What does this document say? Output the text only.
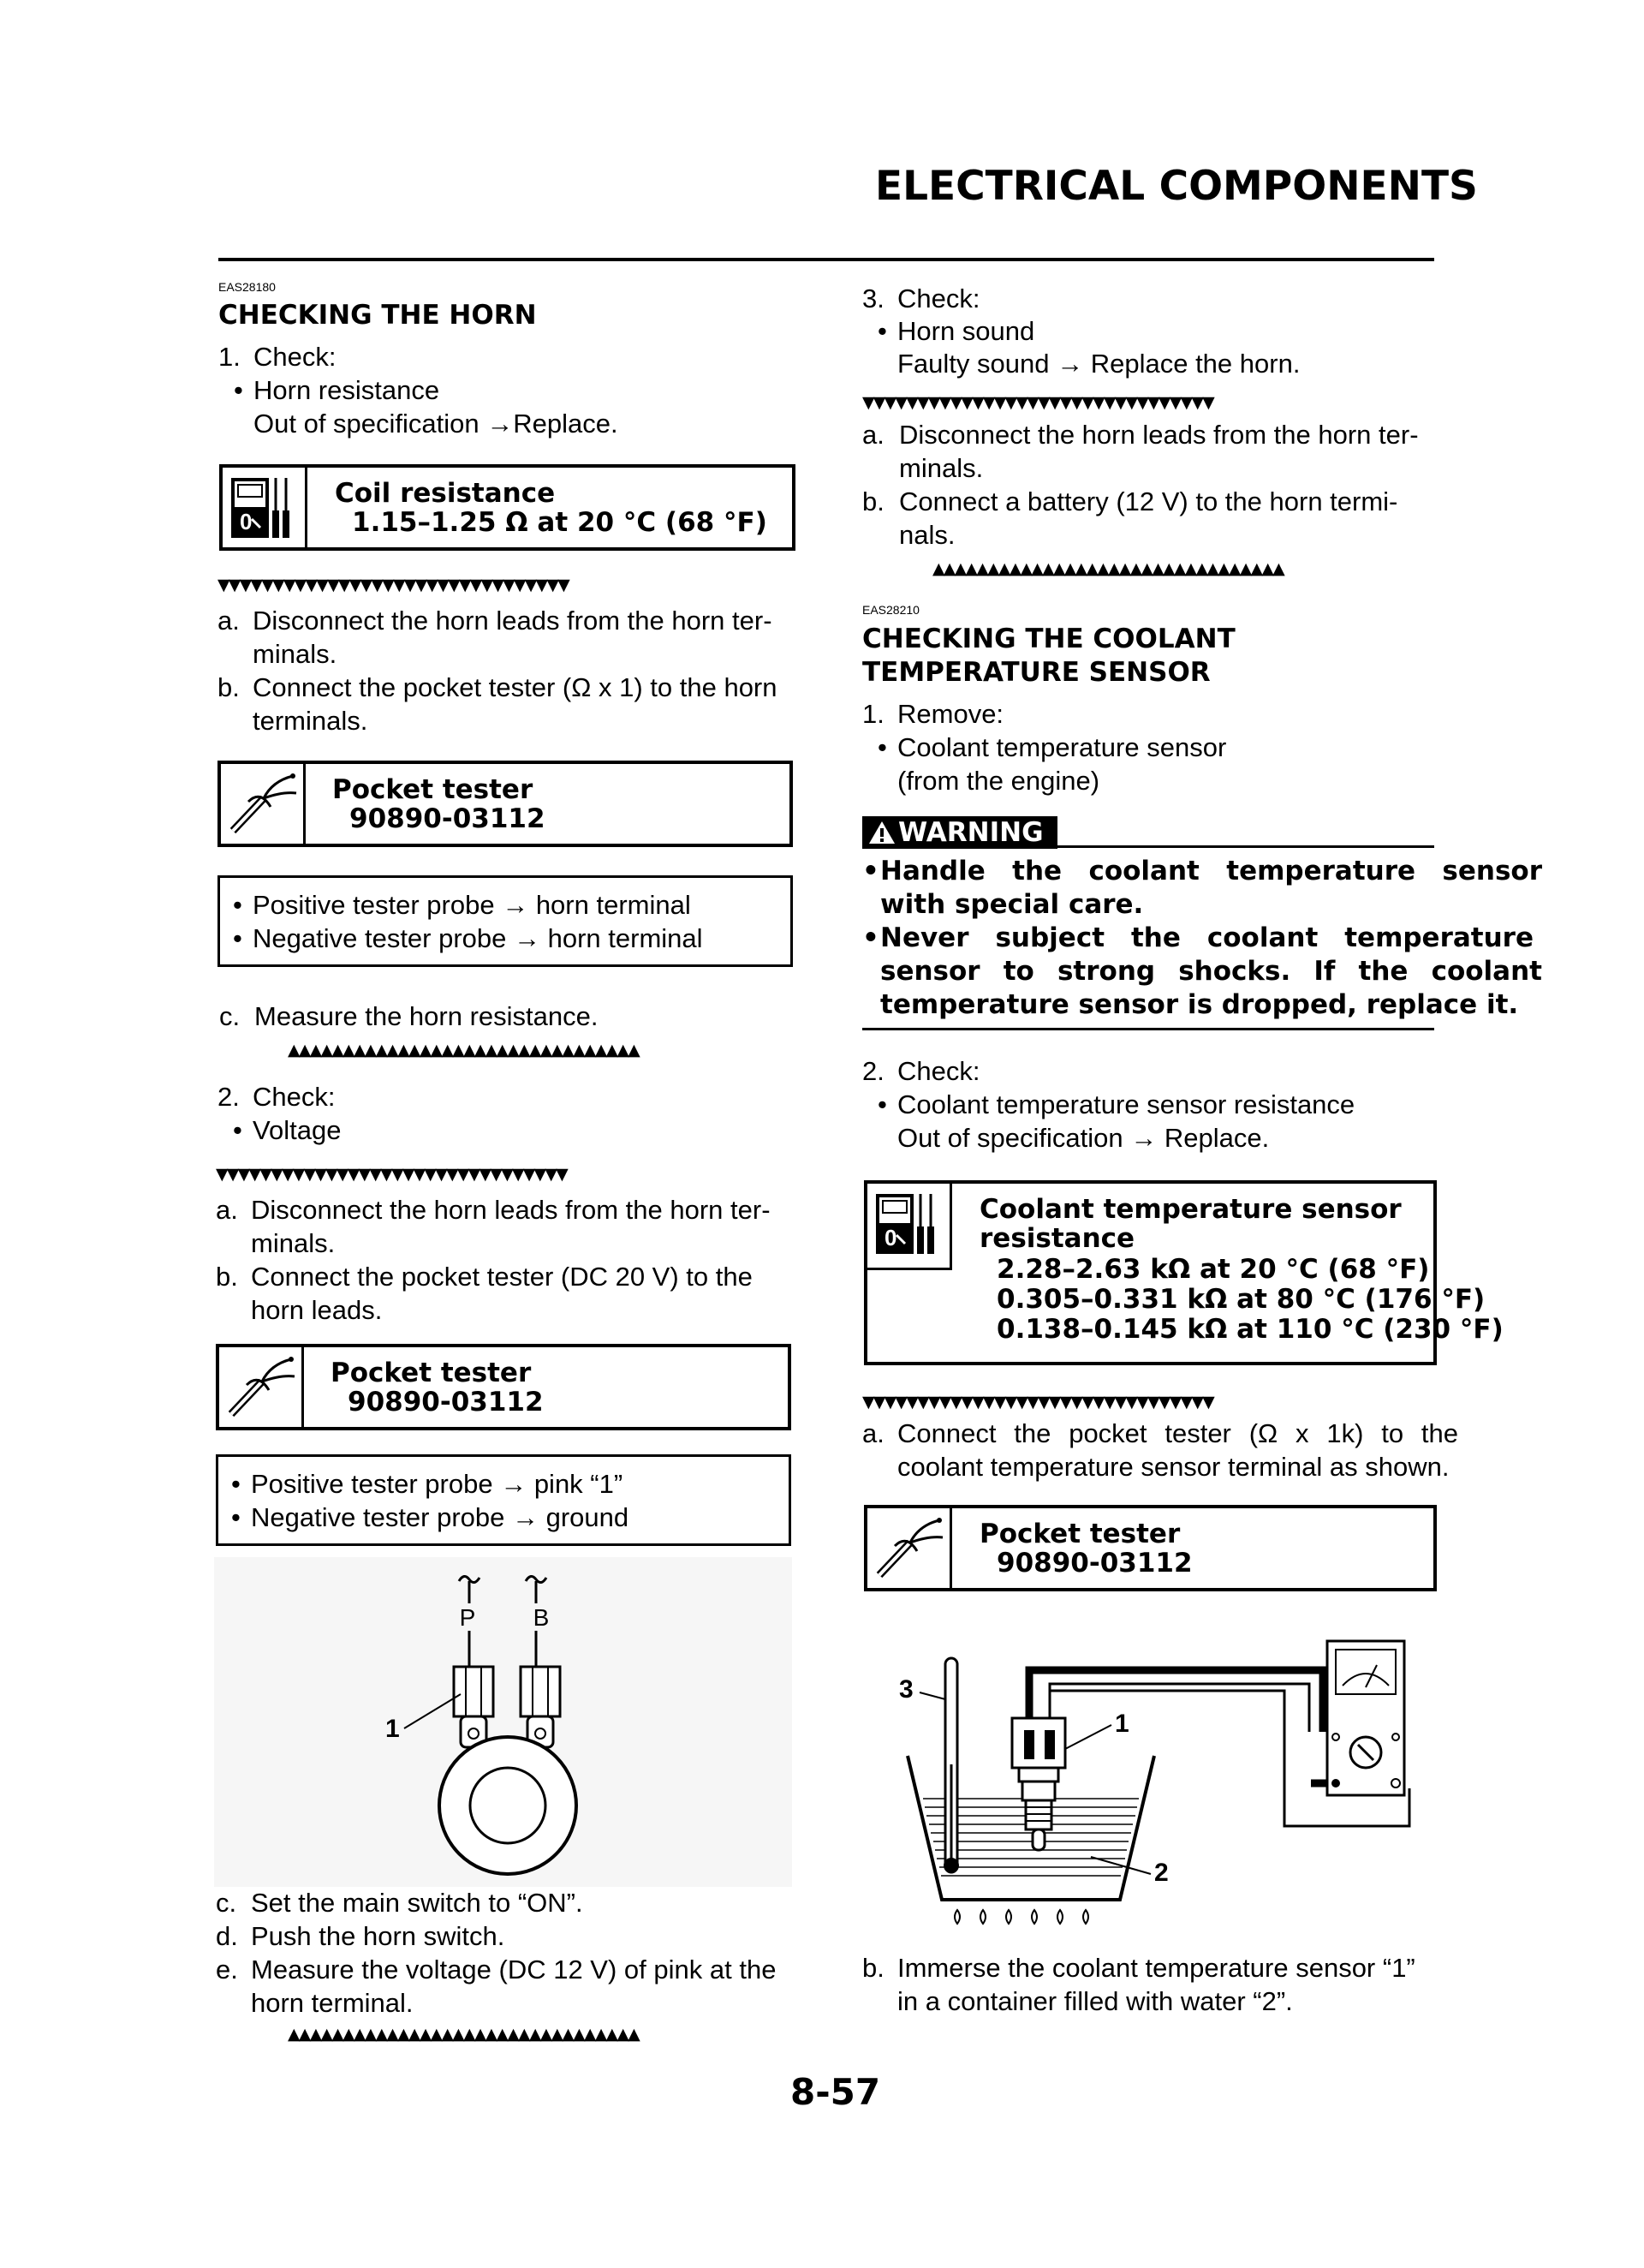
ELECTRICAL COMPONENTS
EAS28180
CHECKING THE HORN
1. Check:
• Horn resistance
Out of specification →Replace.
0
Coil resistance
1.15–1.25 Ω at 20 °C (68 °F)
▼▼▼▼▼▼▼▼▼▼▼▼▼▼▼▼▼▼▼▼▼▼▼▼▼▼▼▼▼▼▼▼
a. Disconnect the horn leads from the horn ter-
minals.
b. Connect the pocket tester (Ω x 1) to the horn
terminals.
Pocket tester
90890-03112
• Positive tester probe → horn terminal
• Negative tester probe → horn terminal
c. Measure the horn resistance.
▲▲▲▲▲▲▲▲▲▲▲▲▲▲▲▲▲▲▲▲▲▲▲▲▲▲▲▲▲▲▲▲
2. Check:
• Voltage
▼▼▼▼▼▼▼▼▼▼▼▼▼▼▼▼▼▼▼▼▼▼▼▼▼▼▼▼▼▼▼▼
a. Disconnect the horn leads from the horn ter-
minals.
b. Connect the pocket tester (DC 20 V) to the
horn leads.
Pocket tester
90890-03112
• Positive tester probe → pink “1”
• Negative tester probe → ground
P B
1
c. Set the main switch to “ON”.
d. Push the horn switch.
e. Measure the voltage (DC 12 V) of pink at the
horn terminal.
▲▲▲▲▲▲▲▲▲▲▲▲▲▲▲▲▲▲▲▲▲▲▲▲▲▲▲▲▲▲▲▲
3. Check:
• Horn sound
Faulty sound → Replace the horn.
▼▼▼▼▼▼▼▼▼▼▼▼▼▼▼▼▼▼▼▼▼▼▼▼▼▼▼▼▼▼▼▼
a. Disconnect the horn leads from the horn ter-
minals.
b. Connect a battery (12 V) to the horn termi-
nals.
▲▲▲▲▲▲▲▲▲▲▲▲▲▲▲▲▲▲▲▲▲▲▲▲▲▲▲▲▲▲▲▲
EAS28210
CHECKING THE COOLANT
TEMPERATURE SENSOR
1. Remove:
• Coolant temperature sensor
(from the engine)
WARNING
• Handle the coolant temperature sensor
with special care.
• Never subject the coolant temperature
sensor to strong shocks. If the coolant
temperature sensor is dropped, replace it.
2. Check:
• Coolant temperature sensor resistance
Out of specification → Replace.
0
Coolant temperature sensor
resistance
2.28–2.63 kΩ at 20 °C (68 °F)
0.305–0.331 kΩ at 80 °C (176 °F)
0.138–0.145 kΩ at 110 °C (230 °F)
▼▼▼▼▼▼▼▼▼▼▼▼▼▼▼▼▼▼▼▼▼▼▼▼▼▼▼▼▼▼▼▼
a. Connect the pocket tester (Ω x 1k) to the
coolant temperature sensor terminal as shown.
Pocket tester
90890-03112
3
1
2
b. Immerse the coolant temperature sensor “1”
in a container filled with water “2”.
8-57
